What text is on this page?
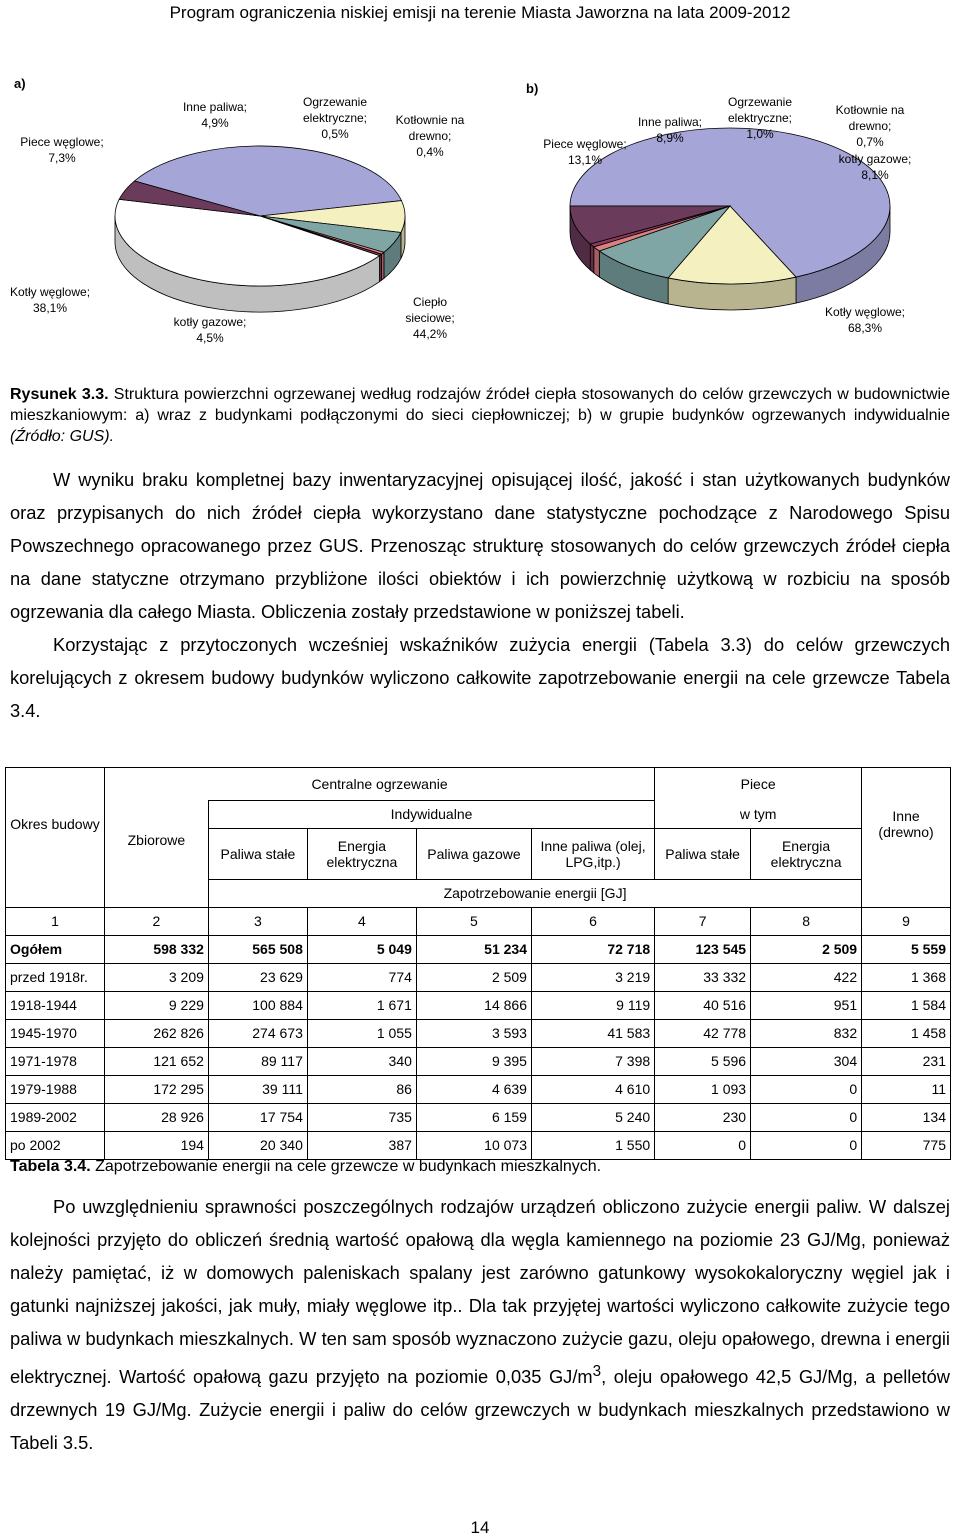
Program ograniczenia niskiej emisji na terenie Miasta Jaworzna na lata 2009-2012
Kotły węglowe; 38,1%
Piece węglowe; 7,3%
Inne paliwa; 4,9%
Ogrzewanie elektryczne; 0,5%
Kotłownie na drewno; 0,4%
Ciepło sieciowe; 44,2%
kotły gazowe; 4,5%
a)
Kotły węglowe; 68,3%
Piece węglowe; 13,1%
Inne paliwa; 8,9%
Ogrzewanie elektryczne; 1,0%
Kotłownie na drewno; 0,7%
kotły gazowe; 8,1%
b)
Rysunek 3.3. Struktura powierzchni ogrzewanej według rodzajów źródeł ciepła stosowanych do celów grzewczych w budownictwie mieszkaniowym: a) wraz z budynkami podłączonymi do sieci ciepłowniczej; b) w grupie budynków ogrzewanych indywidualnie (Źródło: GUS).

W wyniku braku kompletnej bazy inwentaryzacyjnej opisującej ilość, jakość i stan użytkowanych budynków oraz przypisanych do nich źródeł ciepła wykorzystano dane statystyczne pochodzące z Narodowego Spisu Powszechnego opracowanego przez GUS. Przenosząc strukturę stosowanych do celów grzewczych źródeł ciepła na dane statyczne otrzymano przybliżone ilości obiektów i ich powierzchnię użytkową w rozbiciu na sposób ogrzewania dla całego Miasta. Obliczenia zostały przedstawione w poniższej tabeli.

Korzystając z przytoczonych wcześniej wskaźników zużycia energii (Tabela 3.3) do celów grzewczych korelujących z okresem budowy budynków wyliczono całkowite zapotrzebowanie energii na cele grzewcze Tabela 3.4.

Okres budowy	Centralne ogrzewanie					Piece		Inne (drewno)
	Zbiorowe	Indywidualne				w tym		
		Paliwa stałe	Energia elektryczna	Paliwa gazowe	Inne paliwa (olej, LPG,itp.)	Paliwa stałe	Energia elektryczna	

		Zapotrzebowanie energii [GJ]						
1	2	3	4	5	6	7	8	9
Ogółem	598 332	565 508	5 049	51 234	72 718	123 545	2 509	5 559
przed 1918r.	3 209	23 629	774	2 509	3 219	33 332	422	1 368
1918-1944	9 229	100 884	1 671	14 866	9 119	40 516	951	1 584
1945-1970	262 826	274 673	1 055	3 593	41 583	42 778	832	1 458
1971-1978	121 652	89 117	340	9 395	7 398	5 596	304	231
1979-1988	172 295	39 111	86	4 639	4 610	1 093	0	11
1989-2002	28 926	17 754	735	6 159	5 240	230	0	134
po 2002	194	20 340	387	10 073	1 550	0	0	775
Tabela 3.4. Zapotrzebowanie energii na cele grzewcze w budynkach mieszkalnych.

Po uwzględnieniu sprawności poszczególnych rodzajów urządzeń obliczono zużycie energii paliw. W dalszej kolejności przyjęto do obliczeń średnią wartość opałową dla węgla kamiennego na poziomie 23 GJ/Mg, ponieważ należy pamiętać, iż w domowych paleniskach spalany jest zarówno gatunkowy wysokokaloryczny węgiel jak i gatunki najniższej jakości, jak muły, miały węglowe itp.. Dla tak przyjętej wartości wyliczono całkowite zużycie tego paliwa w budynkach mieszkalnych. W ten sam sposób wyznaczono zużycie gazu, oleju opałowego, drewna i energii elektrycznej. Wartość opałową gazu przyjęto na poziomie 0,035 $GJ/m^3$, oleju opałowego 42,5 GJ/Mg, a pelletów drzewnych 19 GJ/Mg. Zużycie energii i paliw do celów grzewczych w budynkach mieszkalnych przedstawiono w Tabeli 3.5.

14
